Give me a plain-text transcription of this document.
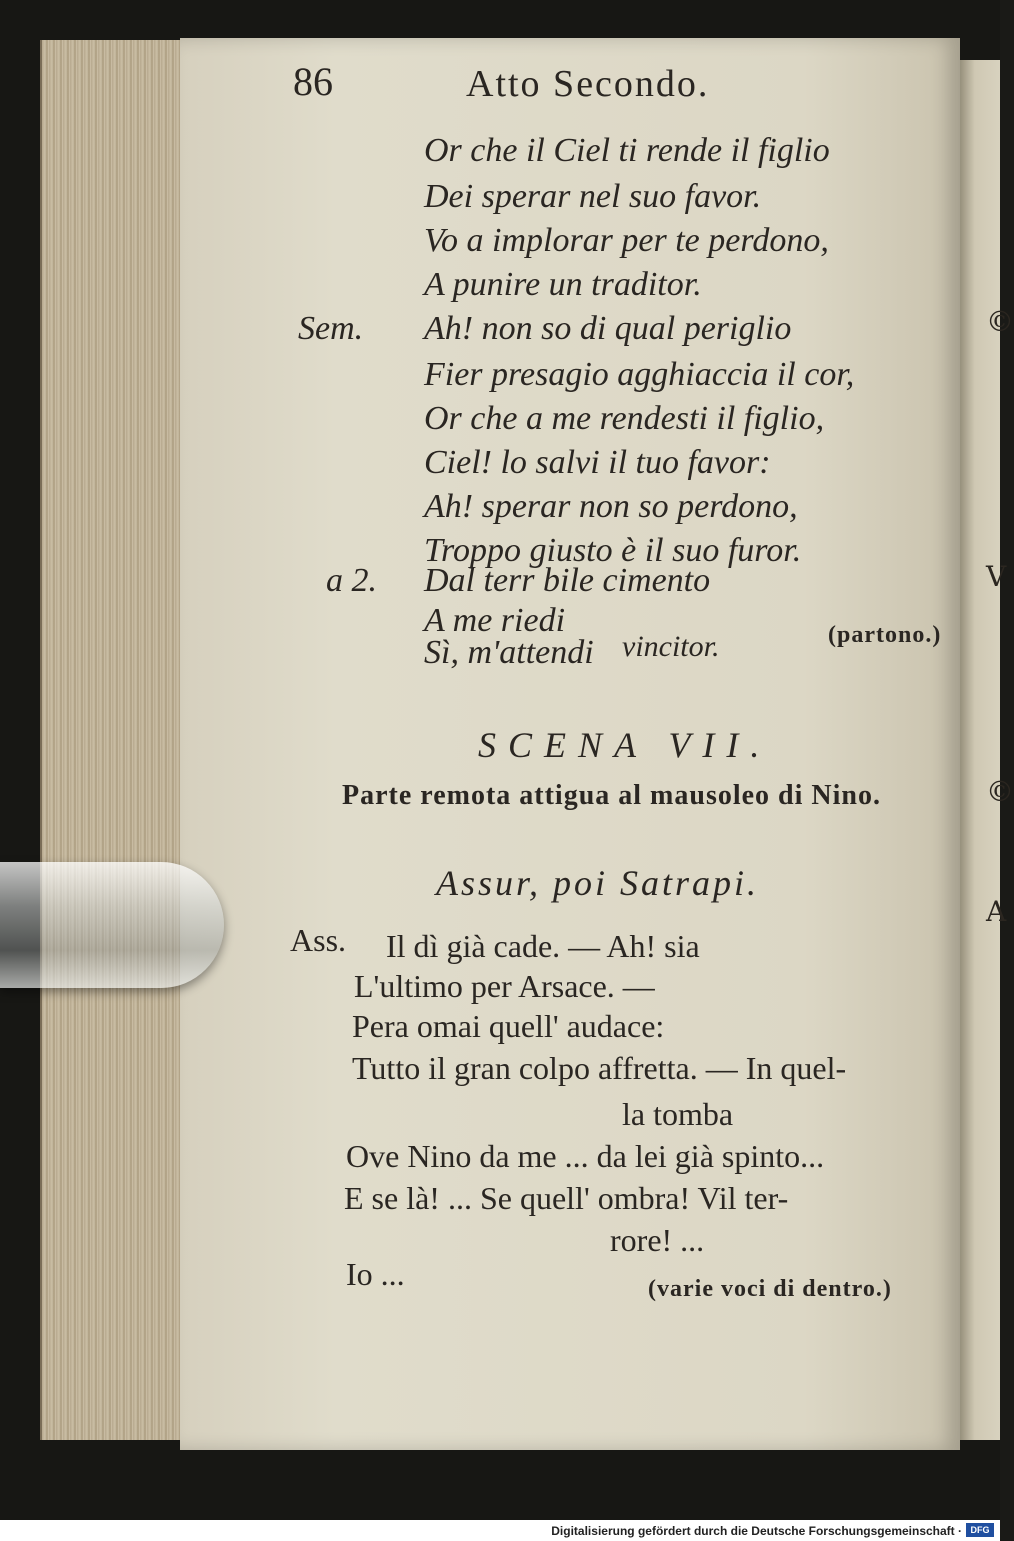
©
V
©
A
86	Atto Secondo.
Or che il Ciel ti rende il figlio
Dei sperar nel suo favor.
Vo a implorar per te perdono,
A punire un traditor.
Sem. Ah! non so di qual periglio
Fier presagio agghiaccia il cor,
Or che a me rendesti il figlio,
Ciel! lo salvi il tuo favor:
Ah! sperar non so perdono,
Troppo giusto è il suo furor.
a 2. Dal terr bile cimento
A me riedi
Sì, m'attendi vincitor.	(partono.)
SCENA VII.
Parte remota attigua al mausoleo di Nino.
Assur, poi Satrapi.
Ass. Il dì già cade. — Ah! sia
L'ultimo per Arsace. —
Pera omai quell' audace:
Tutto il gran colpo affretta. — In quel-
la tomba
Ove Nino da me ... da lei già spinto...
E se là! ... Se quell' ombra! Vil ter-
rore! ...
Io ...	(varie voci di dentro.)
Digitalisierung gefördert durch die Deutsche Forschungsgemeinschaft · DFG
